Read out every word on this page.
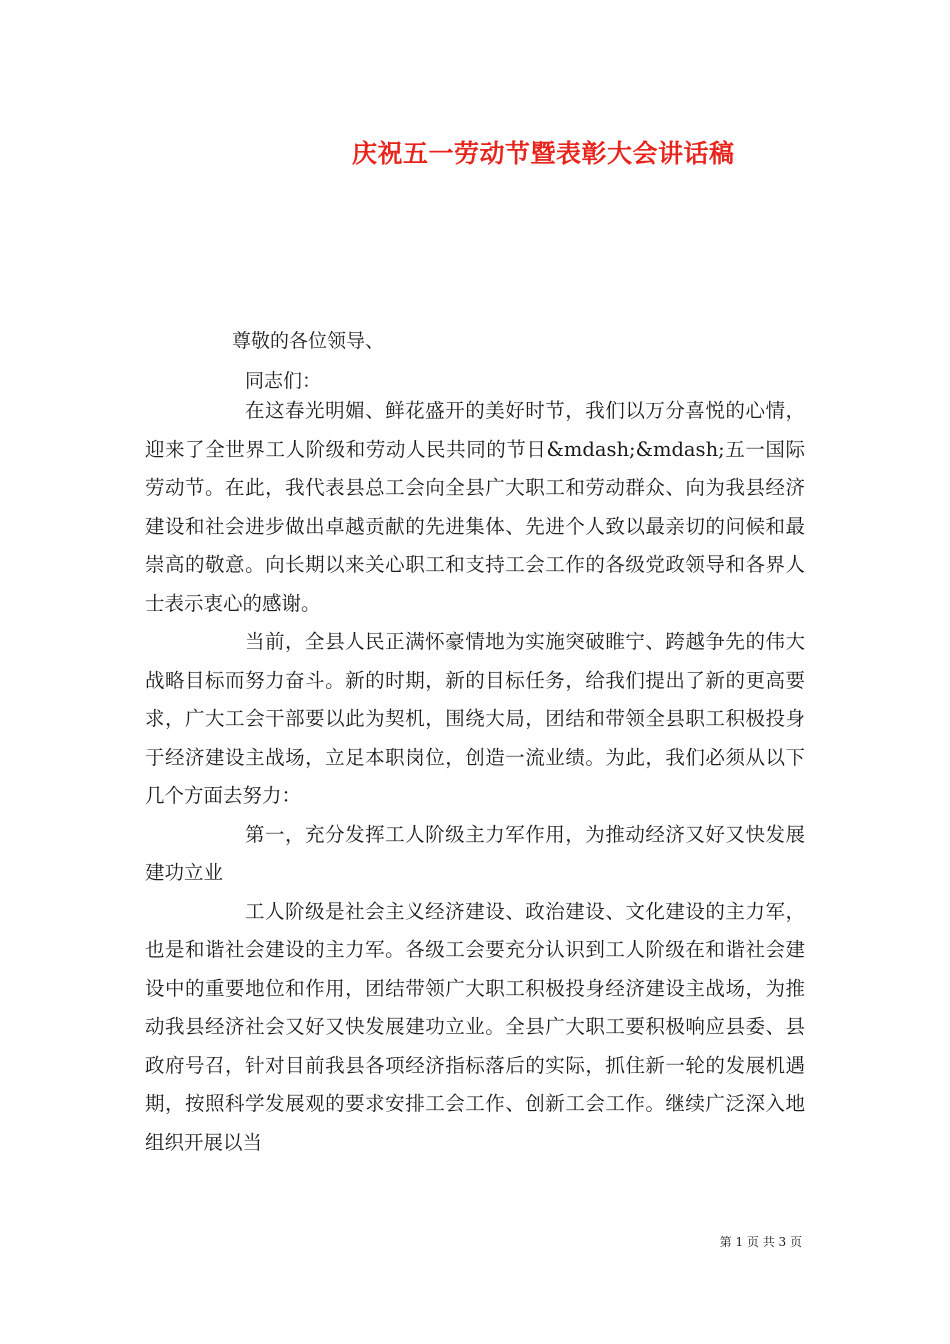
庆祝五一劳动节暨表彰大会讲话稿

尊敬的各位领导、

同志们：

在这春光明媚、鲜花盛开的美好时节，我们以万分喜悦的心情，迎来了全世界工人阶级和劳动人民共同的节日&mdash;&mdash;五一国际劳动节。在此，我代表县总工会向全县广大职工和劳动群众、向为我县经济建设和社会进步做出卓越贡献的先进集体、先进个人致以最亲切的问候和最崇高的敬意。向长期以来关心职工和支持工会工作的各级党政领导和各界人士表示衷心的感谢。

当前，全县人民正满怀豪情地为实施突破睢宁、跨越争先的伟大战略目标而努力奋斗。新的时期，新的目标任务，给我们提出了新的更高要求，广大工会干部要以此为契机，围绕大局，团结和带领全县职工积极投身于经济建设主战场，立足本职岗位，创造一流业绩。为此，我们必须从以下几个方面去努力：

第一，充分发挥工人阶级主力军作用，为推动经济又好又快发展建功立业

工人阶级是社会主义经济建设、政治建设、文化建设的主力军，也是和谐社会建设的主力军。各级工会要充分认识到工人阶级在和谐社会建设中的重要地位和作用，团结带领广大职工积极投身经济建设主战场，为推动我县经济社会又好又快发展建功立业。全县广大职工要积极响应县委、县政府号召，针对目前我县各项经济指标落后的实际，抓住新一轮的发展机遇期，按照科学发展观的要求安排工会工作、创新工会工作。继续广泛深入地组织开展以当

第 1 页 共 3 页
